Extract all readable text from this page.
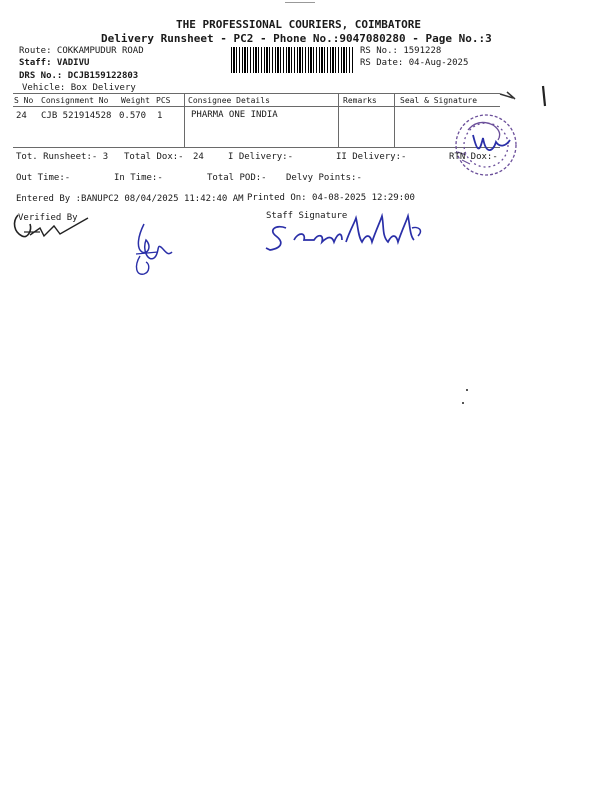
THE PROFESSIONAL COURIERS, COIMBATORE
Delivery Runsheet - PC2 - Phone No.:9047080280 - Page No.:3
Route: COKKAMPUDUR ROAD
Staff: VADIVU
DRS No.: DCJB159122803
Vehicle: Box Delivery
RS No.: 1591228
RS Date: 04-Aug-2025
S No Consignment No Weight PCS Consignee Details	Remarks	Seal & Signature
24 CJB 521914528 0.570 1	PHARMA ONE INDIA
Tot. Runsheet:- 3 Total Dox:- 24	I Delivery:-	II Delivery:-	RTN Dox:-
Out Time:-	In Time:-	Total POD:- Delvy Points:-
Entered By :BANUPC2 08/04/2025 11:42:40 AM Printed On: 04-08-2025 12:29:00
Verified By	Staff Signature
